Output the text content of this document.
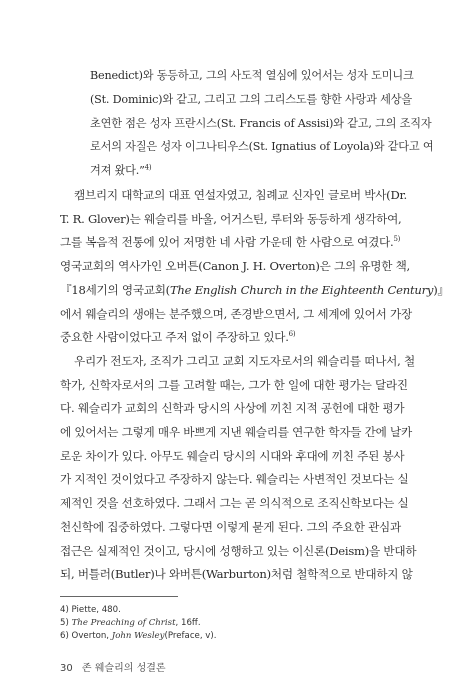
Benedict)와 동등하고, 그의 사도적 열심에 있어서는 성자 도미니크
(St. Dominic)와 같고, 그리고 그의 그리스도를 향한 사랑과 세상을
초연한 점은 성자 프란시스(St. Francis of Assisi)와 같고, 그의 조직자
로서의 자질은 성자 이그나티우스(St. Ignatius of Loyola)와 같다고 여
겨져 왔다.”$^{4)}$
캠브리지 대학교의 대표 연설자였고, 침례교 신자인 글로버 박사(Dr.
T. R. Glover)는 웨슬리를 바울, 어거스틴, 루터와 동등하게 생각하여,
그를 복음적 전통에 있어 저명한 네 사람 가운데 한 사람으로 여겼다.$^{5)}$
영국교회의 역사가인 오버튼(Canon J. H. Overton)은 그의 유명한 책,
『18세기의 영국교회(The English Church in the Eighteenth Century)』
에서 웨슬리의 생애는 분주했으며, 존경받으면서, 그 세계에 있어서 가장
중요한 사람이었다고 주저 없이 주장하고 있다.$^{6)}$
우리가 전도자, 조직가 그리고 교회 지도자로서의 웨슬리를 떠나서, 철
학가, 신학자로서의 그를 고려할 때는, 그가 한 일에 대한 평가는 달라진
다. 웨슬리가 교회의 신학과 당시의 사상에 끼친 지적 공헌에 대한 평가
에 있어서는 그렇게 매우 바쁘게 지낸 웨슬리를 연구한 학자들 간에 날카
로운 차이가 있다. 아무도 웨슬리 당시의 시대와 후대에 끼친 주된 봉사
가 지적인 것이었다고 주장하지 않는다. 웨슬리는 사변적인 것보다는 실
제적인 것을 선호하였다. 그래서 그는 곧 의식적으로 조직신학보다는 실
천신학에 집중하였다. 그렇다면 이렇게 묻게 된다. 그의 주요한 관심과
접근은 실제적인 것이고, 당시에 성행하고 있는 이신론(Deism)을 반대하
되, 버틀러(Butler)나 와버튼(Warburton)처럼 철학적으로 반대하지 않
4) Piette, 480.
5) The Preaching of Christ, 16ff.
6) Overton, John Wesley(Preface, v).
30 존 웨슬리의 성결론
